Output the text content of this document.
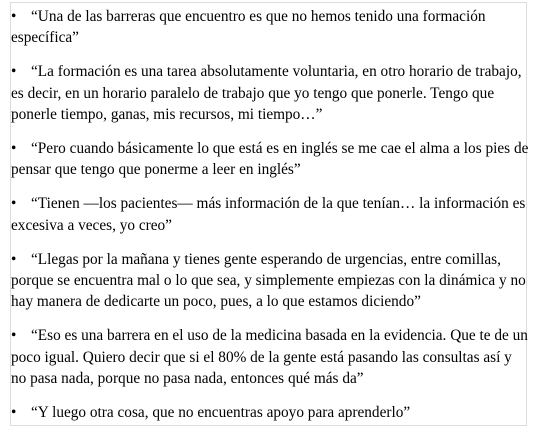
• “Una de las barreras que encuentro es que no hemos tenido una formación específica”
• “La formación es una tarea absolutamente voluntaria, en otro horario de trabajo, es decir, en un horario paralelo de trabajo que yo tengo que ponerle. Tengo que ponerle tiempo, ganas, mis recursos, mi tiempo…”
• “Pero cuando básicamente lo que está es en inglés se me cae el alma a los pies de pensar que tengo que ponerme a leer en inglés”
• “Tienen —los pacientes— más información de la que tenían… la información es excesiva a veces, yo creo”
• “Llegas por la mañana y tienes gente esperando de urgencias, entre comillas, porque se encuentra mal o lo que sea, y simplemente empiezas con la dinámica y no hay manera de dedicarte un poco, pues, a lo que estamos diciendo”
• “Eso es una barrera en el uso de la medicina basada en la evidencia. Que te de un poco igual. Quiero decir que si el 80% de la gente está pasando las consultas así y no pasa nada, porque no pasa nada, entonces qué más da”
• “Y luego otra cosa, que no encuentras apoyo para aprenderlo”
